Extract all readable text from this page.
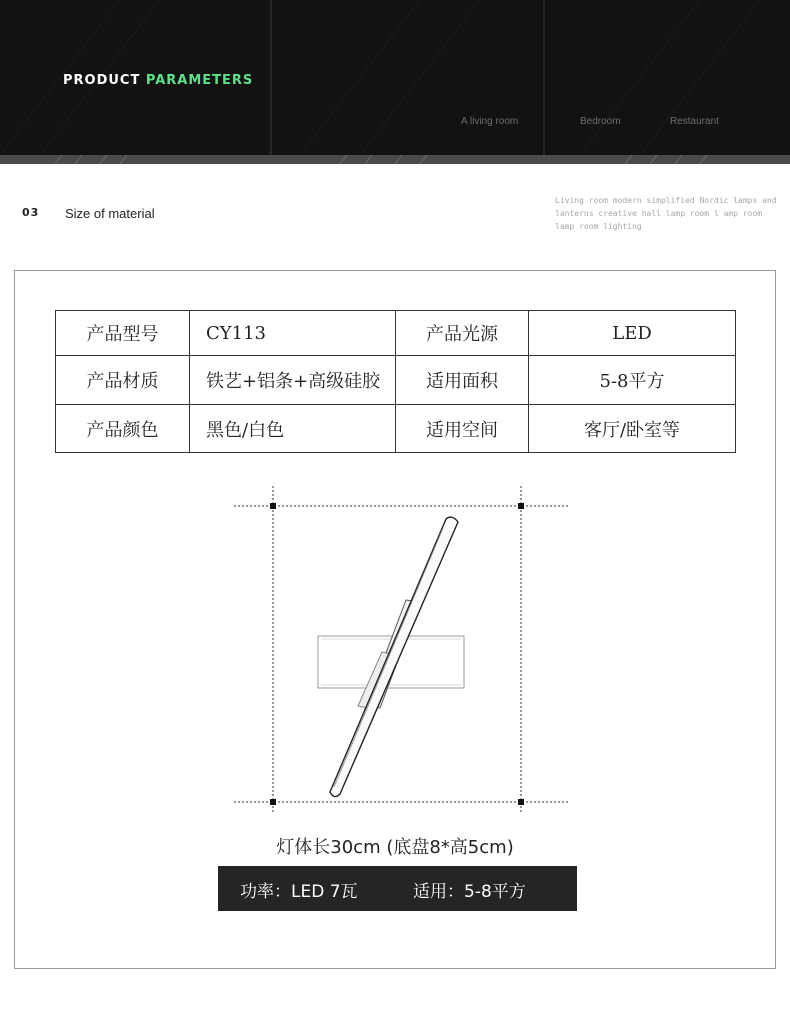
PRODUCT PARAMETERS
A living room	Bedroom	Restaurant
03 Size of material
Living room modern simplified Nordic lamps and lanterns creative hall lamp room l amp room lamp room lighting
产品型号	CY113	产品光源	LED
产品材质	铁艺+铝条+高级硅胶	适用面积	5-8平方
产品颜色	黑色/白色	适用空间	客厅/卧室等
灯体长30cm (底盘8*高5cm)
功率：LED 7瓦	适用：5-8平方
